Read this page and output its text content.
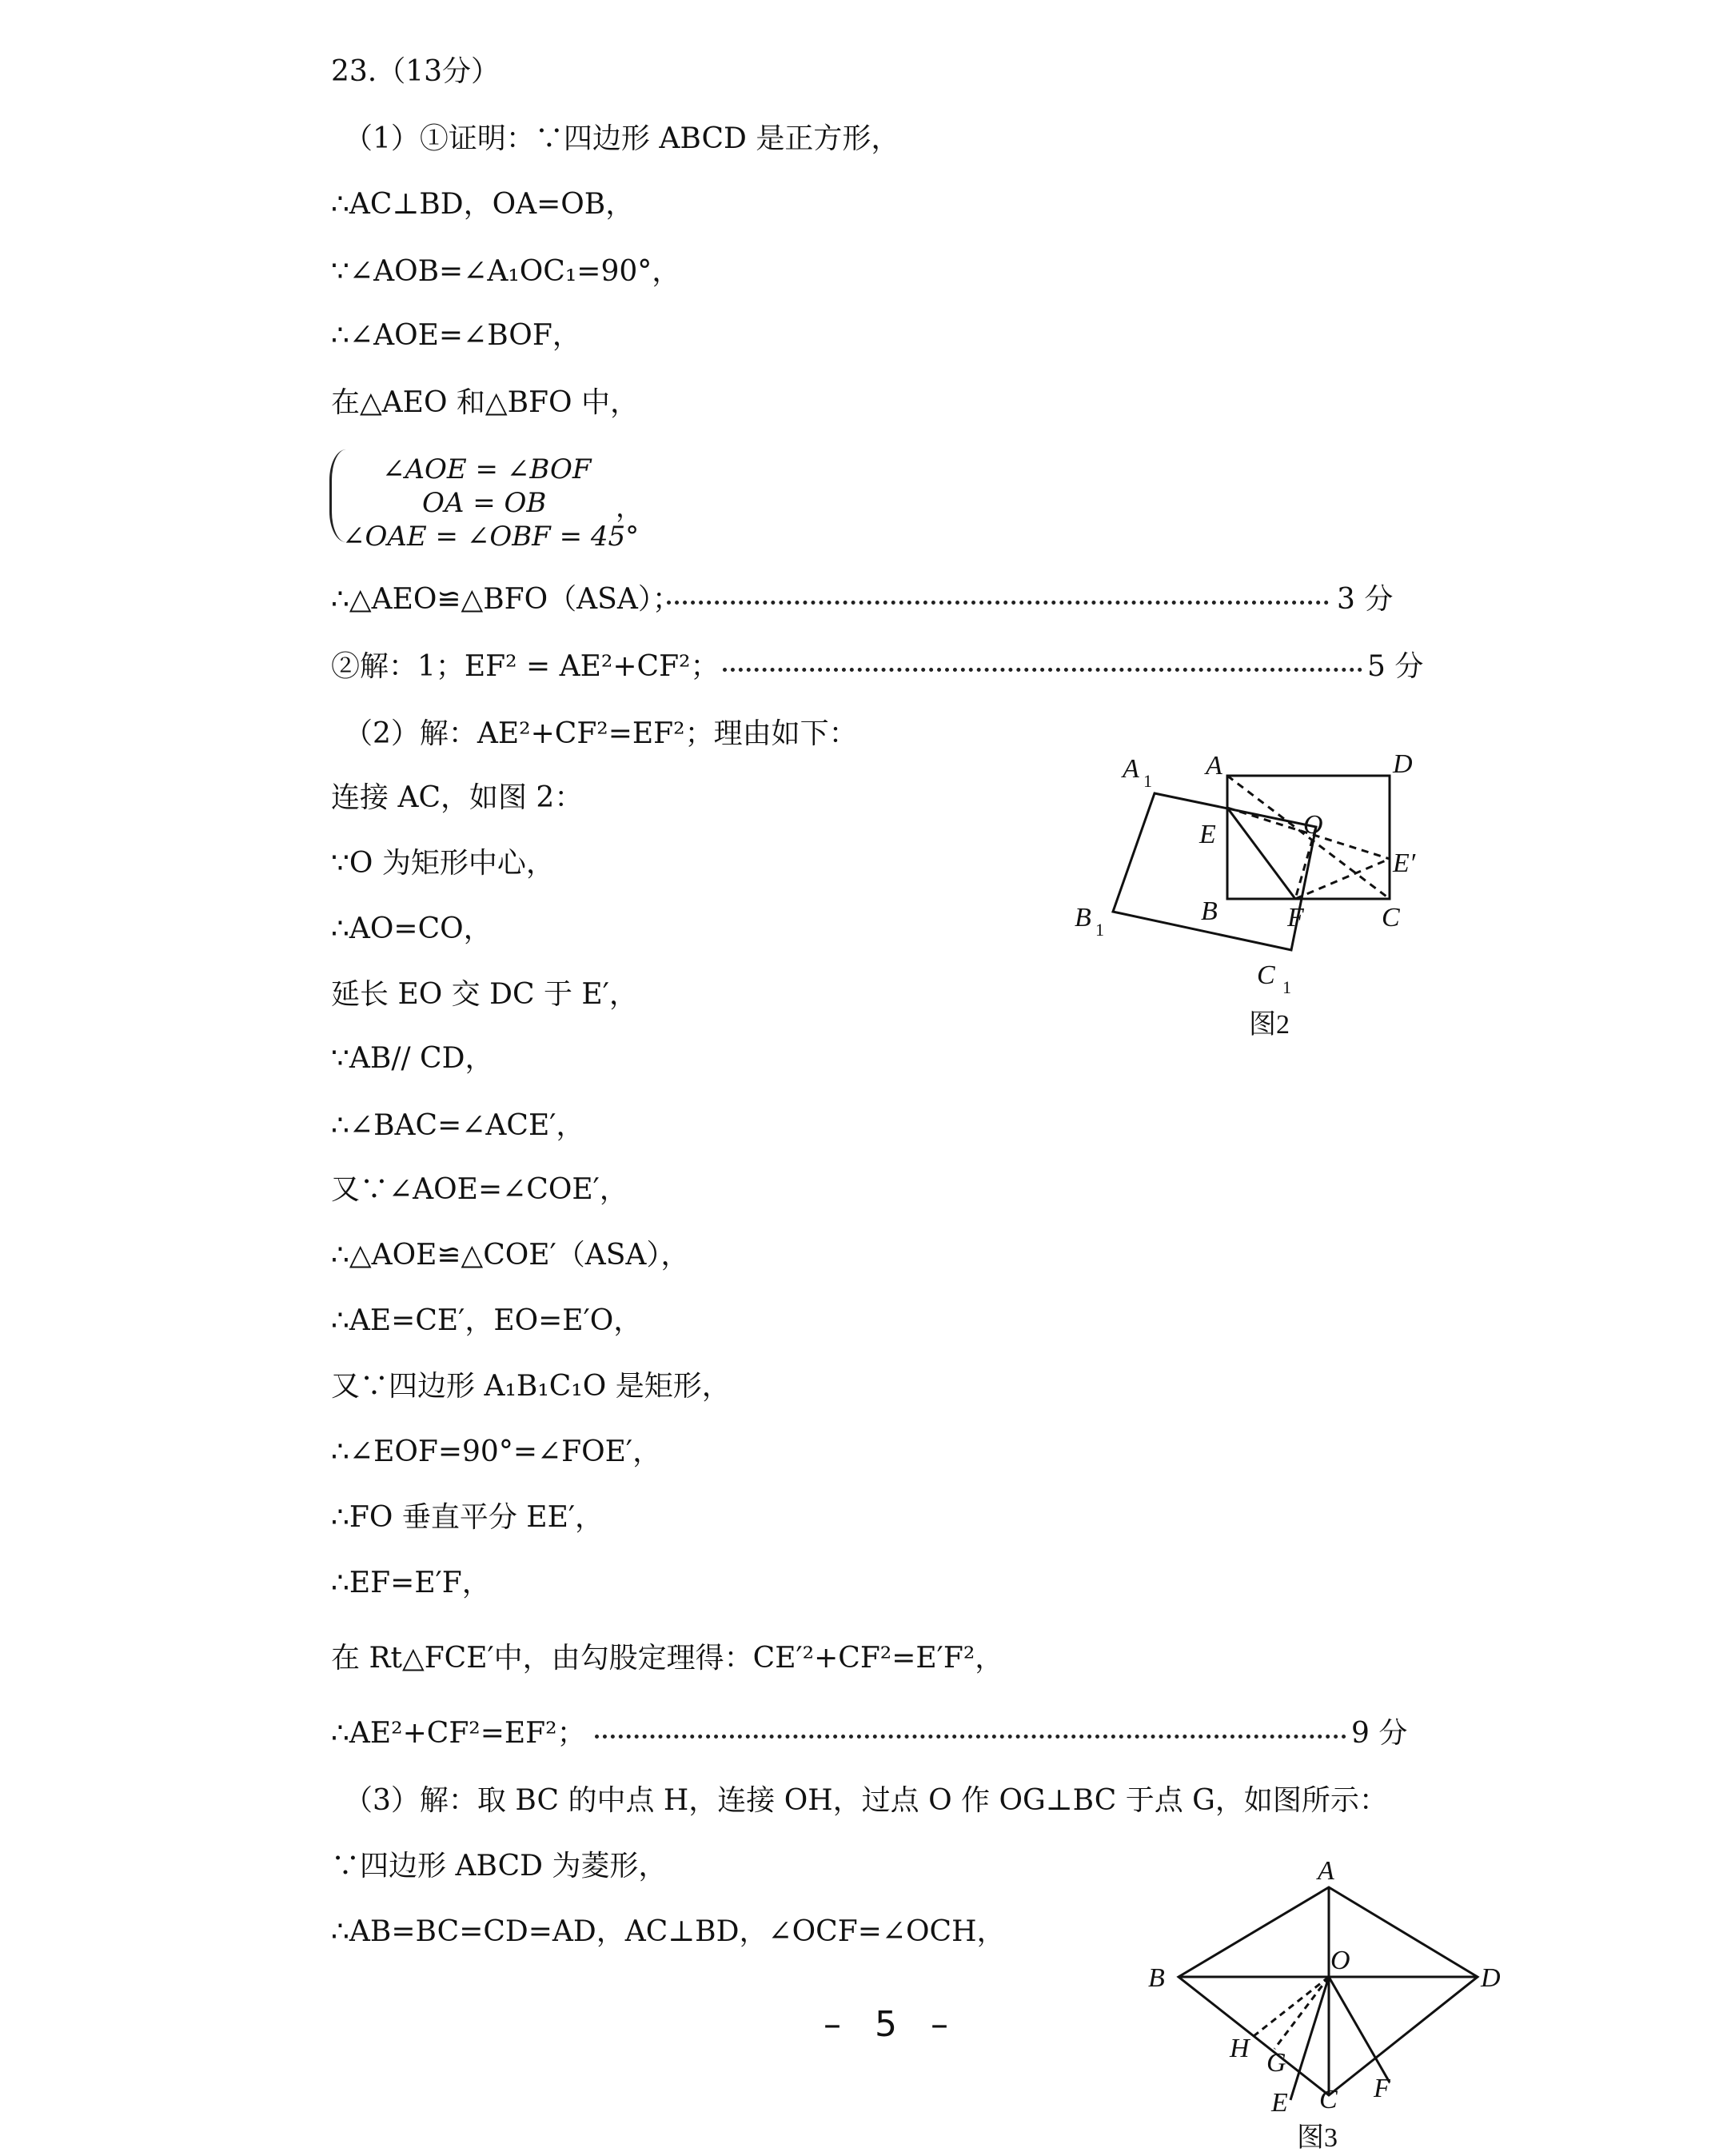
23.（13分）
（1）①证明：∵四边形 ABCD 是正方形，
∴AC⊥BD，OA=OB，
∵∠AOB=∠A₁OC₁=90°，
∴∠AOE=∠BOF，
在△AEO 和△BFO 中，
∠AOE = ∠BOF
OA = OB
∠OAE = ∠OBF = 45°
，
∴△AEO≌△BFO（ASA）；	3 分
②解：1；EF² = AE²+CF²；	5 分
（2）解：AE²+CF²=EF²；理由如下：
连接 AC，如图 2：
∵O 为矩形中心，
∴AO=CO，
延长 EO 交 DC 于 E′，
∵AB// CD，
∴∠BAC=∠ACE′，
又∵∠AOE=∠COE′，
∴△AOE≌△COE′（ASA），
∴AE=CE′，EO=E′O，
又∵四边形 A₁B₁C₁O 是矩形，
∴∠EOF=90°=∠FOE′，
∴FO 垂直平分 EE′，
∴EF=E′F，
在 Rt△FCE′中，由勾股定理得：CE′²+CF²=E′F²，
∴AE²+CF²=EF²；	9 分
（3）解：取 BC 的中点 H，连接 OH，过点 O 作 OG⊥BC 于点 G，如图所示：
∵四边形 ABCD 为菱形，
∴AB=BC=CD=AD，AC⊥BD，∠OCF=∠OCH，
A 1
A	D
E	O
E′
B	F	C
B 1
C 1
图2
A
B
O
D
H G
E C F
图3
– 5 –
